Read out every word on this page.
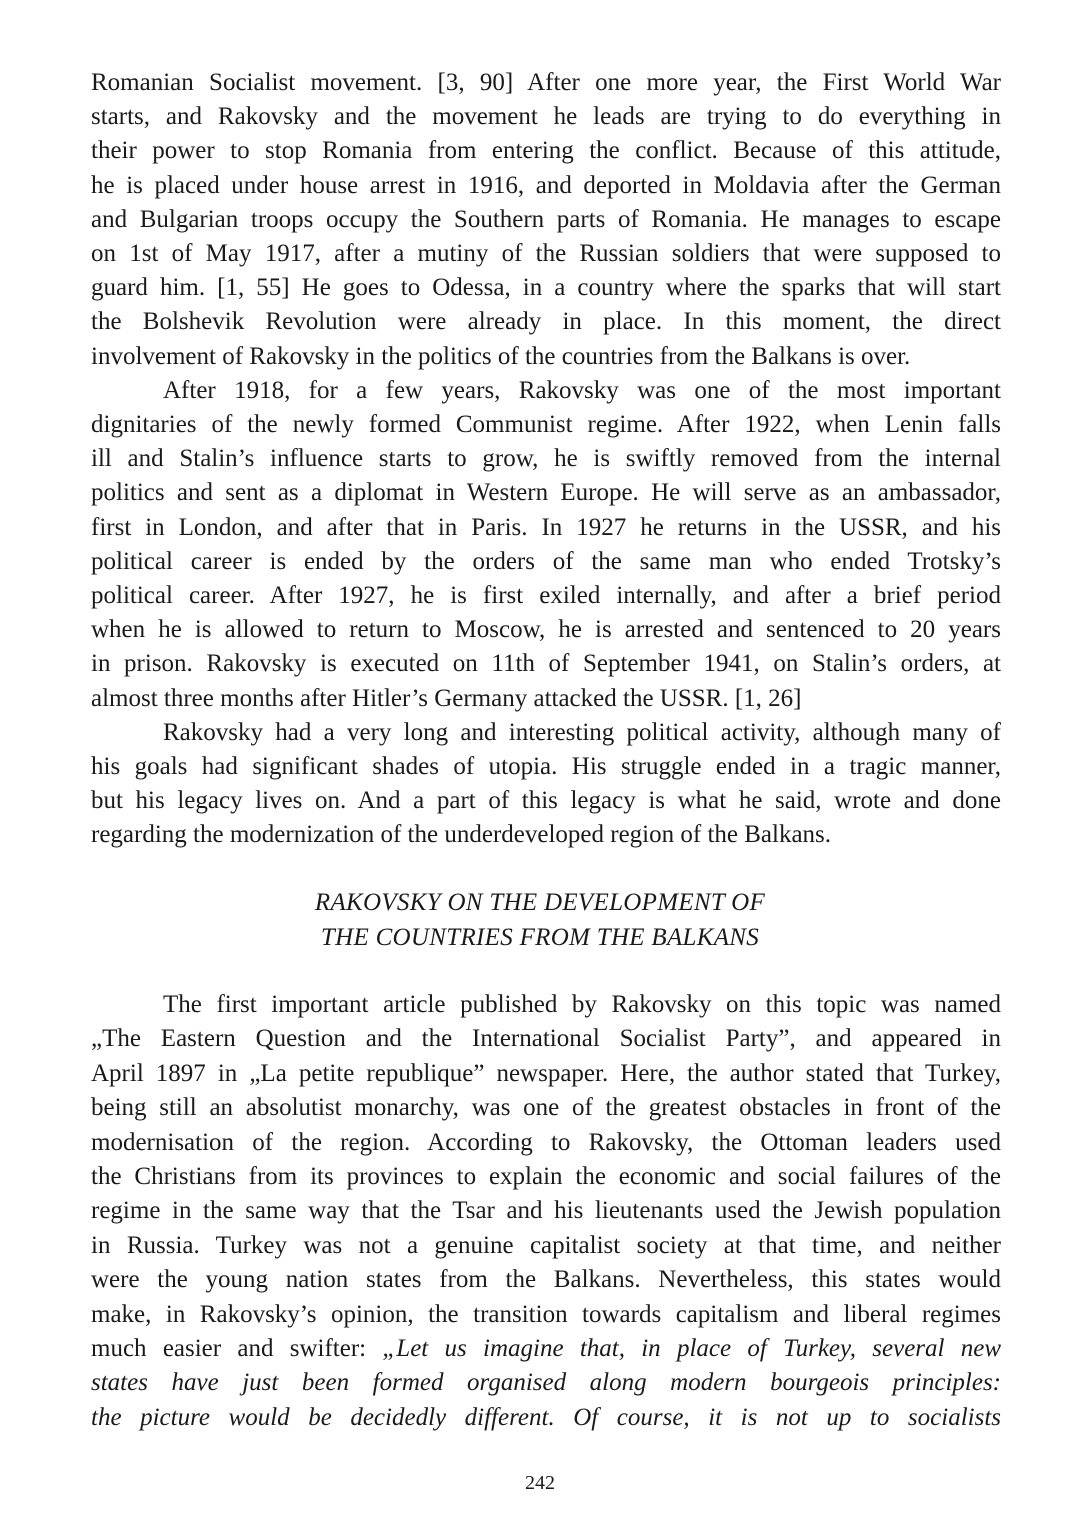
RAKOVSKY ON THE DEVELOPMENT OF
THE COUNTRIES FROM THE BALKANS
242
Romanian Socialist movement. [3, 90] After one more year, the First World War
starts, and Rakovsky and the movement he leads are trying to do everything in
their power to stop Romania from entering the conflict. Because of this attitude,
he is placed under house arrest in 1916, and deported in Moldavia after the German
and Bulgarian troops occupy the Southern parts of Romania. He manages to escape
on 1st of May 1917, after a mutiny of the Russian soldiers that were supposed to
guard him. [1, 55] He goes to Odessa, in a country where the sparks that will start
the Bolshevik Revolution were already in place. In this moment, the direct
involvement of Rakovsky in the politics of the countries from the Balkans is over.
After 1918, for a few years, Rakovsky was one of the most important
dignitaries of the newly formed Communist regime. After 1922, when Lenin falls
ill and Stalin’s influence starts to grow, he is swiftly removed from the internal
politics and sent as a diplomat in Western Europe. He will serve as an ambassador,
first in London, and after that in Paris. In 1927 he returns in the USSR, and his
political career is ended by the orders of the same man who ended Trotsky’s
political career. After 1927, he is first exiled internally, and after a brief period
when he is allowed to return to Moscow, he is arrested and sentenced to 20 years
in prison. Rakovsky is executed on 11th of September 1941, on Stalin’s orders, at
almost three months after Hitler’s Germany attacked the USSR. [1, 26]
Rakovsky had a very long and interesting political activity, although many of
his goals had significant shades of utopia. His struggle ended in a tragic manner,
but his legacy lives on. And a part of this legacy is what he said, wrote and done
regarding the modernization of the underdeveloped region of the Balkans.
The first important article published by Rakovsky on this topic was named
„The Eastern Question and the International Socialist Party”, and appeared in
April 1897 in „La petite republique” newspaper. Here, the author stated that Turkey,
being still an absolutist monarchy, was one of the greatest obstacles in front of the
modernisation of the region. According to Rakovsky, the Ottoman leaders used
the Christians from its provinces to explain the economic and social failures of the
regime in the same way that the Tsar and his lieutenants used the Jewish population
in Russia. Turkey was not a genuine capitalist society at that time, and neither
were the young nation states from the Balkans. Nevertheless, this states would
make, in Rakovsky’s opinion, the transition towards capitalism and liberal regimes
much easier and swifter: „Let us imagine that, in place of Turkey, several new
states have just been formed organised along modern bourgeois principles:
the picture would be decidedly different. Of course, it is not up to socialists
